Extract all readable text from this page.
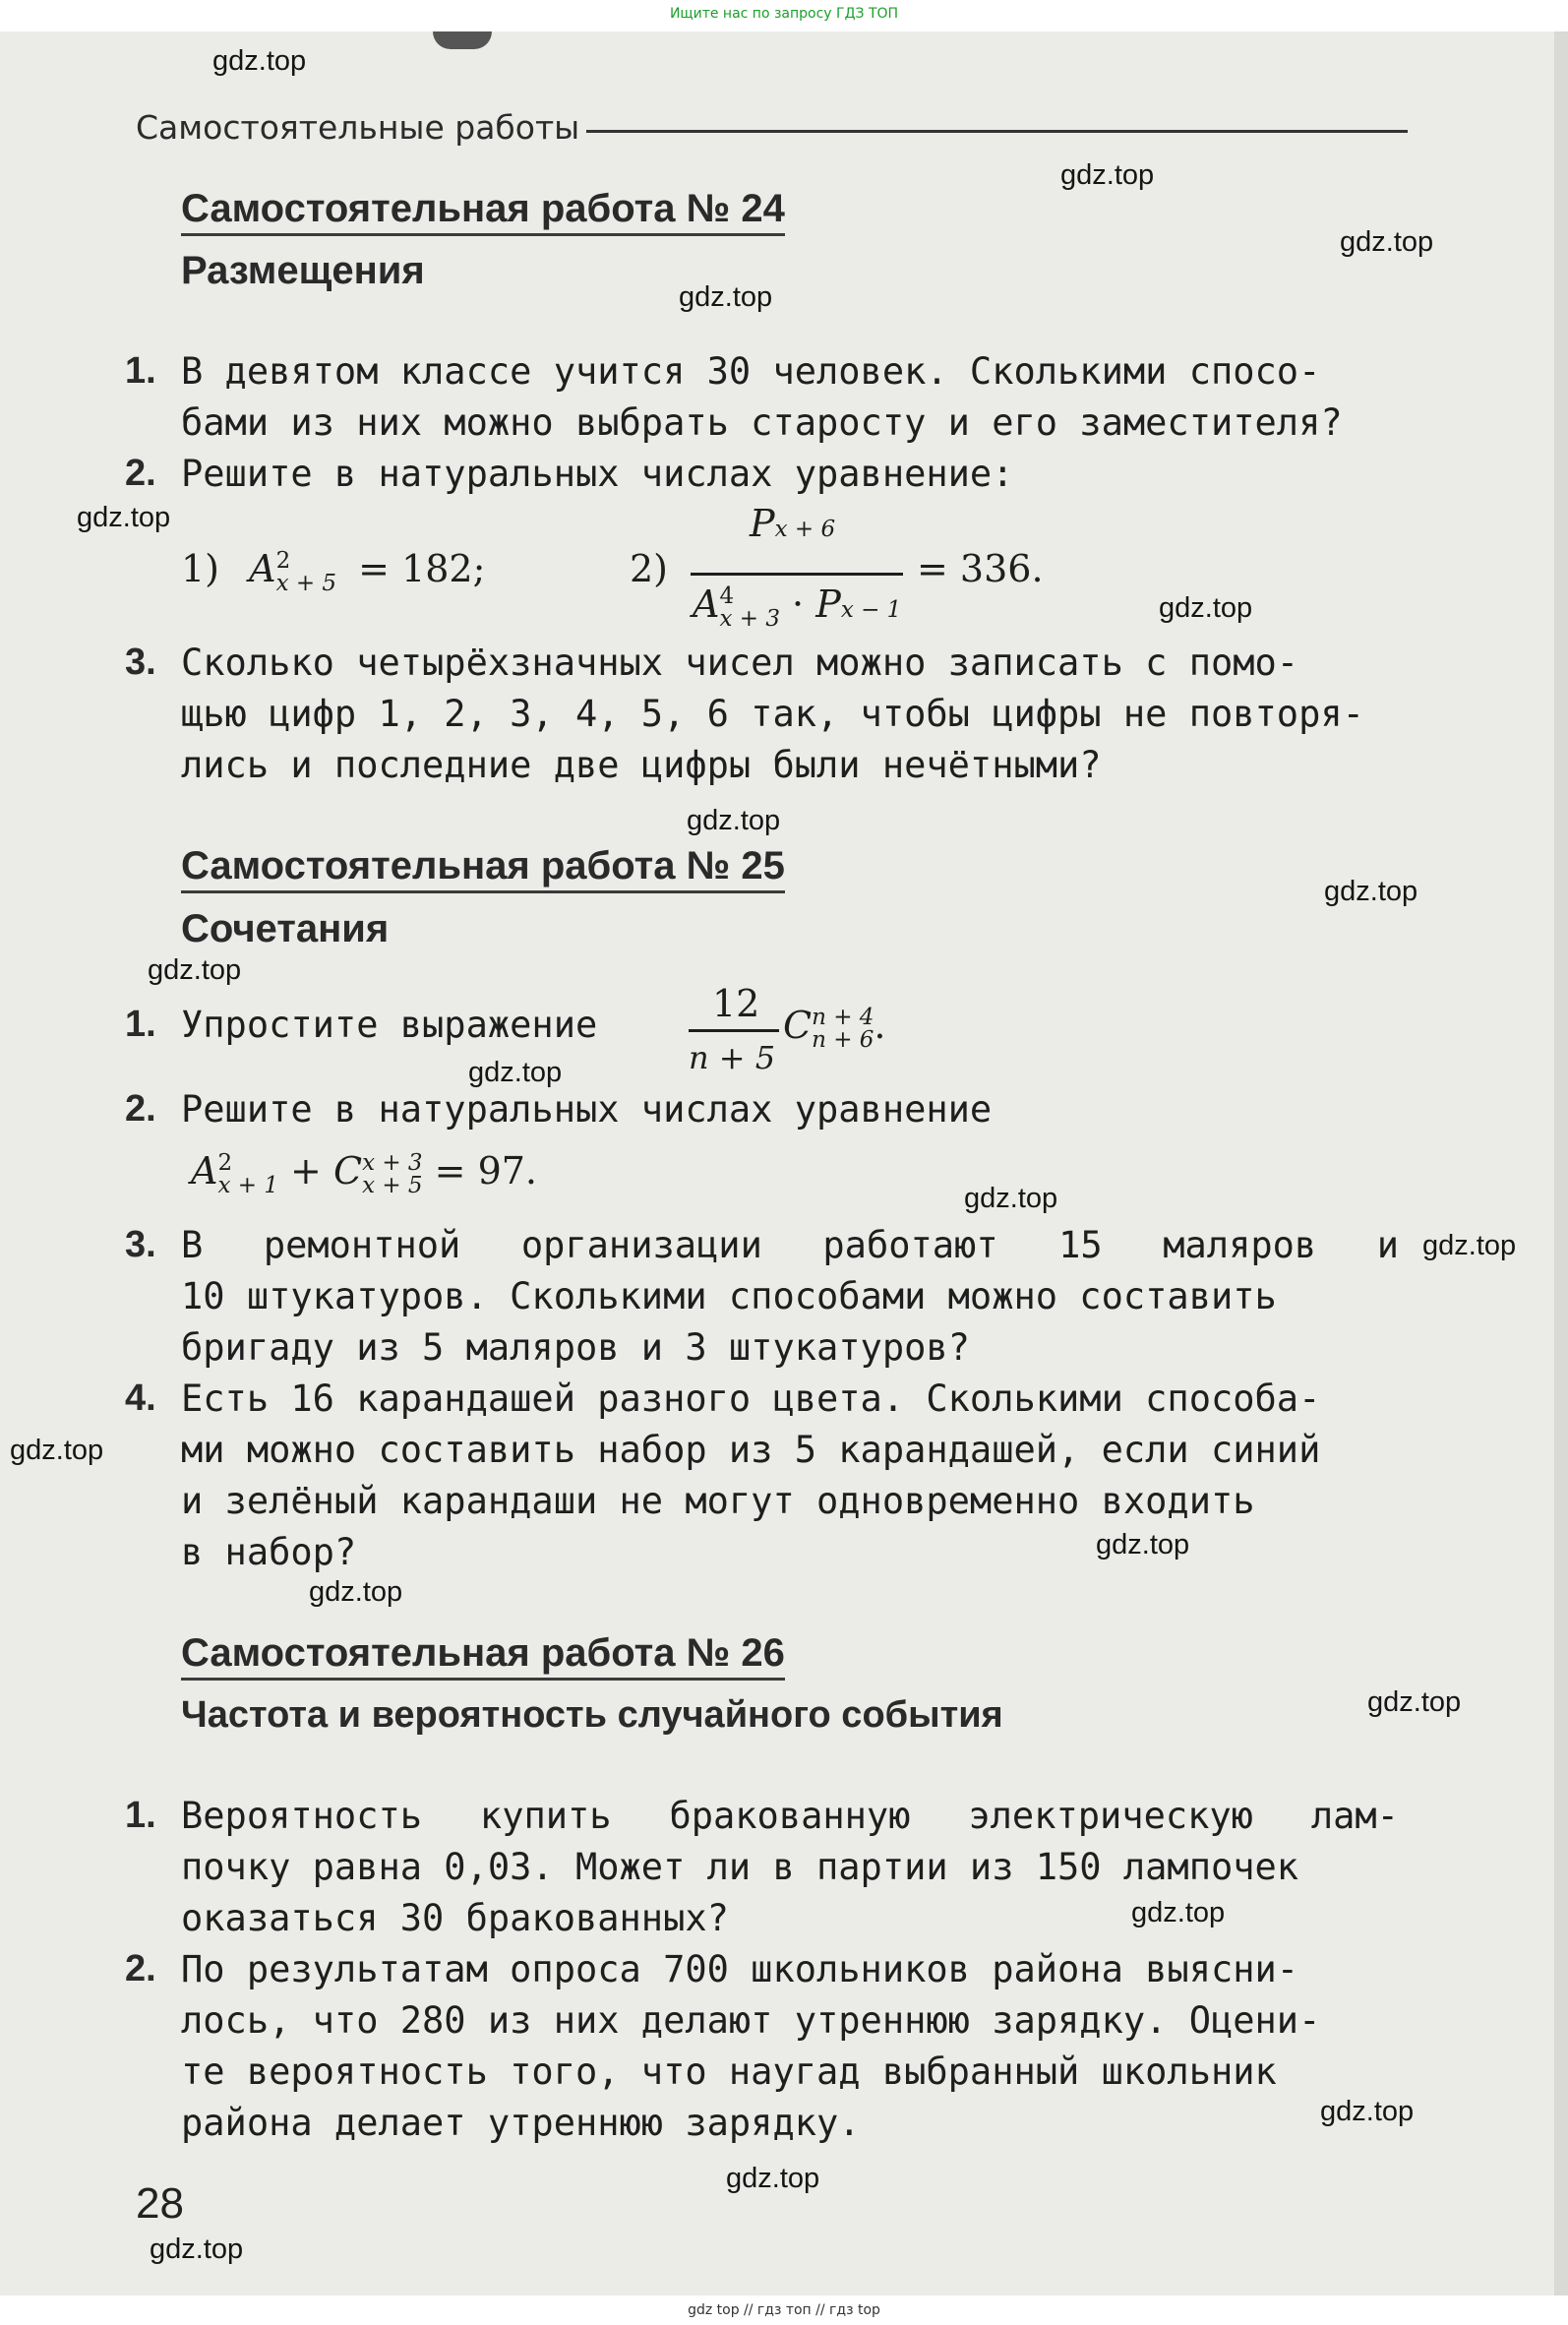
Ищите нас по запросу ГДЗ ТОП
Самостоятельные работы
Самостоятельная работа № 24
Размещения
1. В девятом классе учится 30 человек. Сколькими спосо-
бами из них можно выбрать старосту и его заместителя?
2. Решите в натуральных числах уравнение:
1) A 2
x + 5 = 182;	2)
Px + 6
A 4
x + 3 · Px − 1
= 336.
3. Сколько четырёхзначных чисел можно записать с помо-
щью цифр 1, 2, 3, 4, 5, 6 так, чтобы цифры не повторя-
лись и последние две цифры были нечётными?
Самостоятельная работа № 25
Сочетания
1. Упростите выражение	12
n + 5
C n + 4
n + 6 .
2. Решите в натуральных числах уравнение
A 2
x + 1 + C x + 3
x + 5 = 97.
3. В ремонтной организации работают 15 маляров и
10 штукатуров. Сколькими способами можно составить
бригаду из 5 маляров и 3 штукатуров?
4. Есть 16 карандашей разного цвета. Сколькими способа-
ми можно составить набор из 5 карандашей, если синий
и зелёный карандаши не могут одновременно входить
в набор?
Самостоятельная работа № 26
Частота и вероятность случайного события
1. Вероятность купить бракованную электрическую лам-
почку равна 0,03. Может ли в партии из 150 лампочек
оказаться 30 бракованных?
2. По результатам опроса 700 школьников района выясни-
лось, что 280 из них делают утреннюю зарядку. Оцени-
те вероятность того, что наугад выбранный школьник
района делает утреннюю зарядку.
28
gdz.top
gdz.top
gdz.top
gdz.top
gdz.top
gdz.top
gdz.top
gdz.top
gdz.top
gdz.top
gdz.top
gdz.top
gdz.top
gdz.top
gdz.top
gdz.top
gdz.top
gdz.top
gdz.top
gdz.top
gdz top // гдз топ // гдз top
